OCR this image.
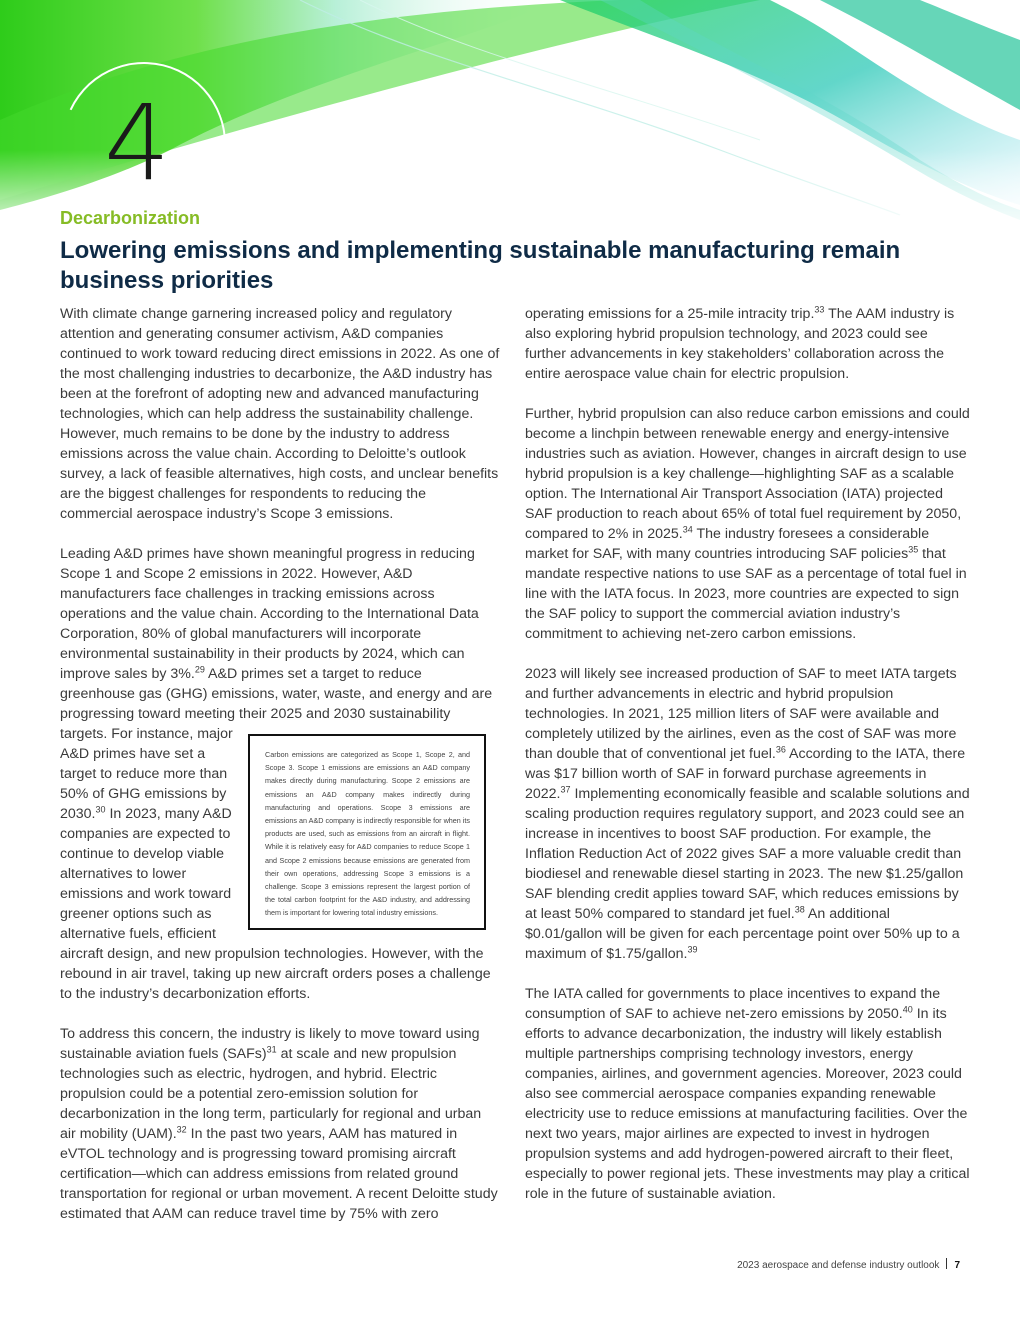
4
Decarbonization
Lowering emissions and implementing sustainable manufacturing remain business priorities

With climate change garnering increased policy and regulatory attention and generating consumer activism, A&D companies continued to work toward reducing direct emissions in 2022. As one of the most challenging industries to decarbonize, the A&D industry has been at the forefront of adopting new and advanced manufacturing technologies, which can help address the sustainability challenge. However, much remains to be done by the industry to address emissions across the value chain. According to Deloitte’s outlook survey, a lack of feasible alternatives, high costs, and unclear benefits are the biggest challenges for respondents to reducing the commercial aerospace industry’s Scope 3 emissions.

Carbon emissions are categorized as Scope 1, Scope 2, and Scope 3. Scope 1 emissions are emissions an A&D company makes directly during manufacturing. Scope 2 emissions are emissions an A&D company makes indirectly during manufacturing and operations. Scope 3 emissions are emissions an A&D company is indirectly responsible for when its products are used, such as emissions from an aircraft in flight. While it is relatively easy for A&D companies to reduce Scope 1 and Scope 2 emissions because emissions are generated from their own operations, addressing Scope 3 emissions is a challenge. Scope 3 emissions represent the largest portion of the total carbon footprint for the A&D industry, and addressing them is important for lowering total industry emissions.
Leading A&D primes have shown meaningful progress in reducing Scope 1 and Scope 2 emissions in 2022. However, A&D manufacturers face challenges in tracking emissions across operations and the value chain. According to the International Data Corporation, 80% of global manufacturers will incorporate environmental sustainability in their products by 2024, which can improve sales by 3%.$^{29}$ A&D primes set a target to reduce greenhouse gas (GHG) emissions, water, waste, and energy and are progressing toward meeting their 2025 and 2030 sustainability targets. For instance, major A&D primes have set a target to reduce more than 50% of GHG emissions by 2030.30 In 2023, many A&D companies are expected to continue to develop viable alternatives to lower emissions and work toward greener options such as alternative fuels, efficient aircraft design, and new propulsion technologies. However, with the rebound in air travel, taking up new aircraft orders poses a challenge to the industry’s decarbonization efforts.

To address this concern, the industry is likely to move toward using sustainable aviation fuels (SAFs)$^{31}$ at scale and new propulsion technologies such as electric, hydrogen, and hybrid. Electric propulsion could be a potential zero-emission solution for decarbonization in the long term, particularly for regional and urban air mobility (UAM).$^{32}$ In the past two years, AAM has matured in eVTOL technology and is progressing toward promising aircraft certification—which can address emissions from related ground transportation for regional or urban movement. A recent Deloitte study estimated that AAM can reduce travel time by 75% with zero

operating emissions for a 25-mile intracity trip.$^{33}$ The AAM industry is also exploring hybrid propulsion technology, and 2023 could see further advancements in key stakeholders’ collaboration across the entire aerospace value chain for electric propulsion.

Further, hybrid propulsion can also reduce carbon emissions and could become a linchpin between renewable energy and energy-intensive industries such as aviation. However, changes in aircraft design to use hybrid propulsion is a key challenge—highlighting SAF as a scalable option. The International Air Transport Association (IATA) projected SAF production to reach about 65% of total fuel requirement by 2050, compared to 2% in 2025.34 The industry foresees a considerable market for SAF, with many countries introducing SAF policies$^{35}$ that mandate respective nations to use SAF as a percentage of total fuel in line with the IATA focus. In 2023, more countries are expected to sign the SAF policy to support the commercial aviation industry’s commitment to achieving net-zero carbon emissions.

2023 will likely see increased production of SAF to meet IATA targets and further advancements in electric and hybrid propulsion technologies. In 2021, 125 million liters of SAF were available and completely utilized by the airlines, even as the cost of SAF was more than double that of conventional jet fuel.$^{36}$ According to the IATA, there was $17 billion worth of SAF in forward purchase agreements in 2022.37 Implementing economically feasible and scalable solutions and scaling production requires regulatory support, and 2023 could see an increase in incentives to boost SAF production. For example, the Inflation Reduction Act of 2022 gives SAF a more valuable credit than biodiesel and renewable diesel starting in 2023. The new $1.25/gallon SAF blending credit applies toward SAF, which reduces emissions by at least 50% compared to standard jet fuel.$^{38}$ An additional $0.01/gallon will be given for each percentage point over 50% up to a maximum of $1.75/gallon.$^{39}$

The IATA called for governments to place incentives to expand the consumption of SAF to achieve net-zero emissions by 2050.40 In its efforts to advance decarbonization, the industry will likely establish multiple partnerships comprising technology investors, energy companies, airlines, and government agencies. Moreover, 2023 could also see commercial aerospace companies expanding renewable electricity use to reduce emissions at manufacturing facilities. Over the next two years, major airlines are expected to invest in hydrogen propulsion systems and add hydrogen-powered aircraft to their fleet, especially to power regional jets. These investments may play a critical role in the future of sustainable aviation.

2023 aerospace and defense industry outlook 7
